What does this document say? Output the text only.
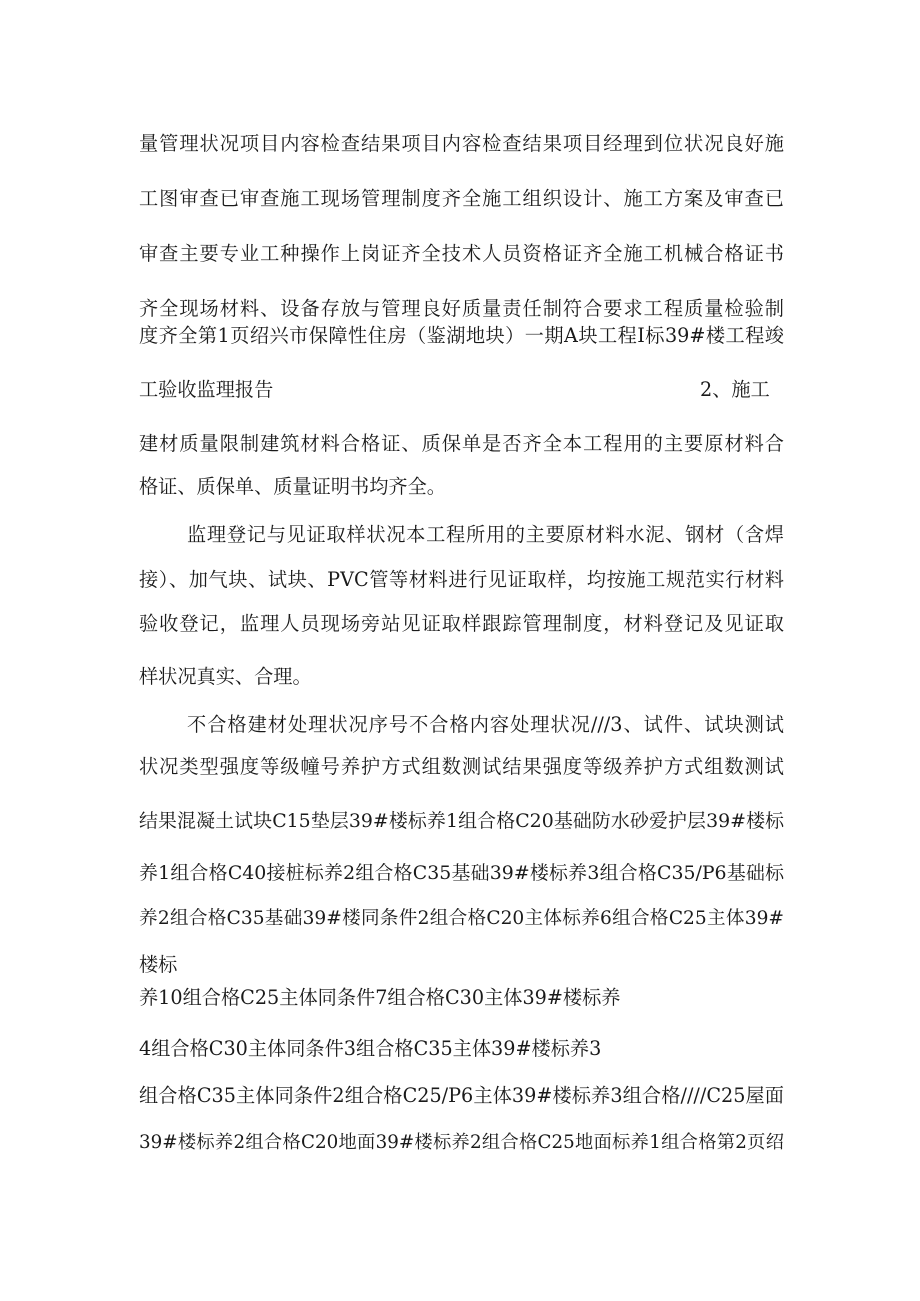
量管理状况项目内容检查结果项目内容检查结果项目经理到位状况良好施

工图审查已审查施工现场管理制度齐全施工组织设计、施工方案及审查已

审查主要专业工种操作上岗证齐全技术人员资格证齐全施工机械合格证书

齐全现场材料、设备存放与管理良好质量责任制符合要求工程质量检验制

度齐全第1页绍兴市保障性住房（鉴湖地块）一期A块工程I标39#楼工程竣

工验收监理报告	2、施工

建材质量限制建筑材料合格证、质保单是否齐全本工程用的主要原材料合

格证、质保单、质量证明书均齐全。

监理登记与见证取样状况本工程所用的主要原材料水泥、钢材（含焊

接）、加气块、试块、PVC管等材料进行见证取样，均按施工规范实行材料

验收登记，监理人员现场旁站见证取样跟踪管理制度，材料登记及见证取

样状况真实、合理。

不合格建材处理状况序号不合格内容处理状况///3、试件、试块测试

状况类型强度等级幢号养护方式组数测试结果强度等级养护方式组数测试

结果混凝土试块C15垫层39#楼标养1组合格C20基础防水砂爱护层39#楼标

养1组合格C40接桩标养2组合格C35基础39#楼标养3组合格C35/P6基础标

养2组合格C35基础39#楼同条件2组合格C20主体标养6组合格C25主体39#

楼标

养10组合格C25主体同条件7组合格C30主体39#楼标养

4组合格C30主体同条件3组合格C35主体39#楼标养3

组合格C35主体同条件2组合格C25/P6主体39#楼标养3组合格////C25屋面

39#楼标养2组合格C20地面39#楼标养2组合格C25地面标养1组合格第2页绍
